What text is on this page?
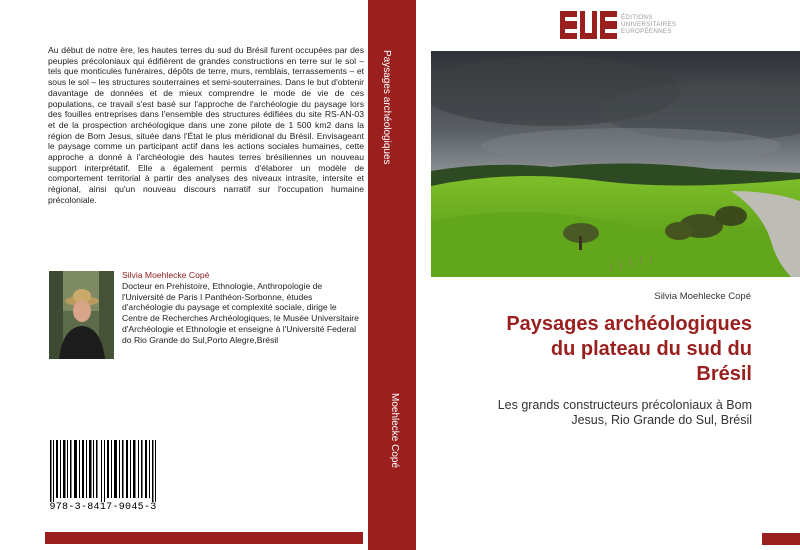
Au début de notre ère, les hautes terres du sud du Brésil furent occupées par des peuples précoloniaux qui édifièrent de grandes constructions en terre sur le sol – tels que monticules funéraires, dépôts de terre, murs, remblais, terrassements – et sous le sol – les structures souterraines et semi-souterraines. Dans le but d'obtenir davantage de données et de mieux comprendre le mode de vie de ces populations, ce travail s'est basé sur l'approche de l'archéologie du paysage lors des fouilles entreprises dans l'ensemble des structures édifiées du site RS-AN-03 et de la prospection archéologique dans une zone pilote de 1 500 km2 dans la région de Bom Jesus, située dans l'État le plus méridional du Brésil. Envisageant le paysage comme un participant actif dans les actions sociales humaines, cette approche a donné à l'archéologie des hautes terres brésiliennes un nouveau support interprétatif. Elle a également permis d'élaborer un modèle de comportement territorial à partir des analyses des niveaux intrasite, intersite et régional, ainsi qu'un nouveau discours narratif sur l'occupation humaine précoloniale.
Silvia Moehlecke Copé
Docteur en Prehistoire, Ethnologie, Anthropologie de l'Université de Paris I Panthéon-Sorbonne, études d'archéologie du paysage et complexité sociale, dirige le Centre de Recherches Archéologiques, le Musée Universitaire d'Archéologie et Ethnologie et enseigne à l'Université Federal do Rio Grande do Sul,Porto Alegre,Brésil
978-3-8417-9045-3
Paysages archéologiques
Moehlecke Copé
ÉDITIONS
UNIVERSITAIRES
EUROPÉENNES
Silvia Moehlecke Copé
Paysages archéologiques
du plateau du sud du
Brésil
Les grands constructeurs précoloniaux à Bom
Jesus, Rio Grande do Sul, Brésil
